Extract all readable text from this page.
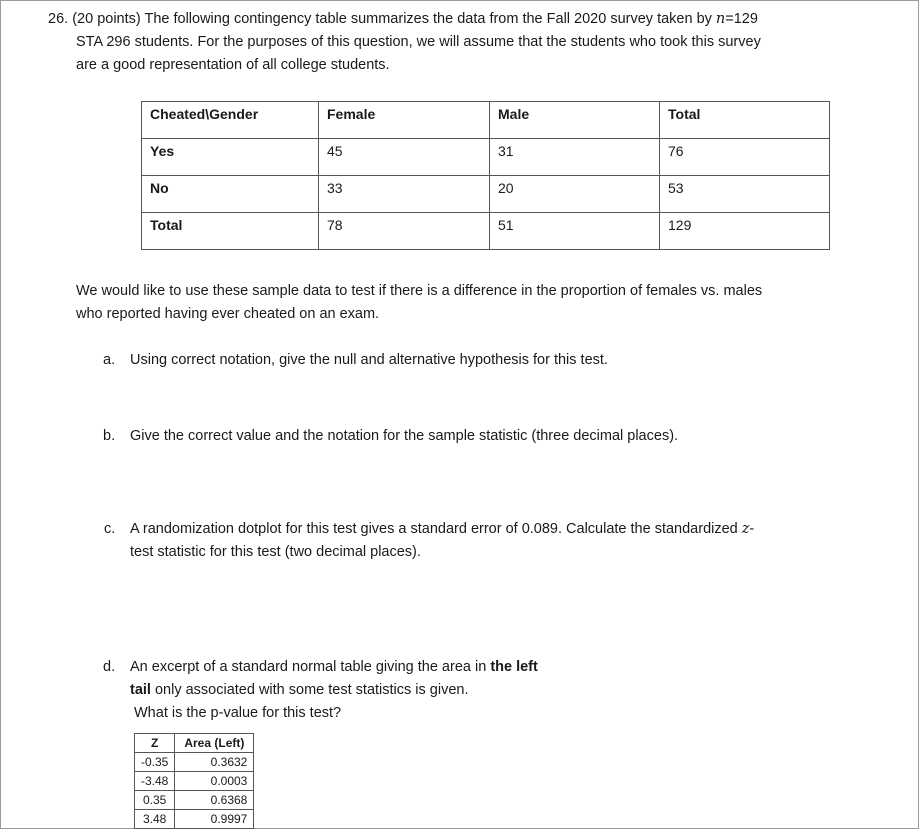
26. (20 points) The following contingency table summarizes the data from the Fall 2020 survey taken by n=129
STA 296 students. For the purposes of this question, we will assume that the students who took this survey
are a good representation of all college students.
Cheated\Gender	Female	Male	Total
Yes	45	31	76
No	33	20	53
Total	78	51	129
We would like to use these sample data to test if there is a difference in the proportion of females vs. males
who reported having ever cheated on an exam.
a. Using correct notation, give the null and alternative hypothesis for this test.
b. Give the correct value and the notation for the sample statistic (three decimal places).
c. A randomization dotplot for this test gives a standard error of 0.089. Calculate the standardized z-
test statistic for this test (two decimal places).
d. An excerpt of a standard normal table giving the area in the left
tail only associated with some test statistics is given.
What is the p-value for this test?
Z	Area (Left)
-0.35	0.3632
-3.48	0.0003
0.35	0.6368
3.48	0.9997
